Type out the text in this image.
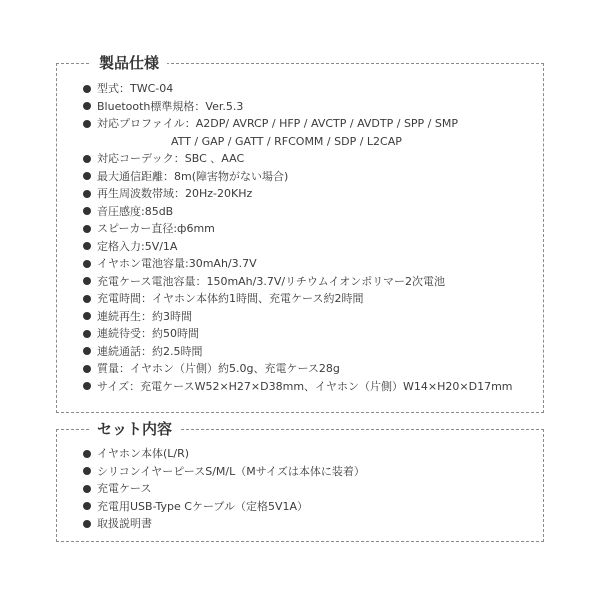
製品仕様
型式：TWC-04
Bluetooth標準規格：Ver.5.3
対応プロファイル：A2DP/ AVRCP / HFP / AVCTP / AVDTP / SPP / SMP
ATT / GAP / GATT / RFCOMM / SDP / L2CAP
対応コーデック：SBC 、AAC
最大通信距離：8m(障害物がない場合)
再生周波数帯域：20Hz-20KHz
音圧感度:85dB
スピーカー直径:ф6mm
定格入力:5V/1A
イヤホン電池容量:30mAh/3.7V
充電ケース電池容量：150mAh/3.7V/リチウムイオンポリマー2次電池
充電時間：イヤホン本体約1時間、充電ケース約2時間
連続再生：約3時間
連続待受：約50時間
連続通話：約2.5時間
質量：イヤホン（片側）約5.0g、充電ケース28g
サイズ：充電ケースW52×H27×D38mm、イヤホン（片側）W14×H20×D17mm
セット内容
イヤホン本体(L/R)
シリコンイヤーピースS/M/L（Mサイズは本体に装着）
充電ケース
充電用USB-Type Cケーブル（定格5V1A）
取扱説明書
